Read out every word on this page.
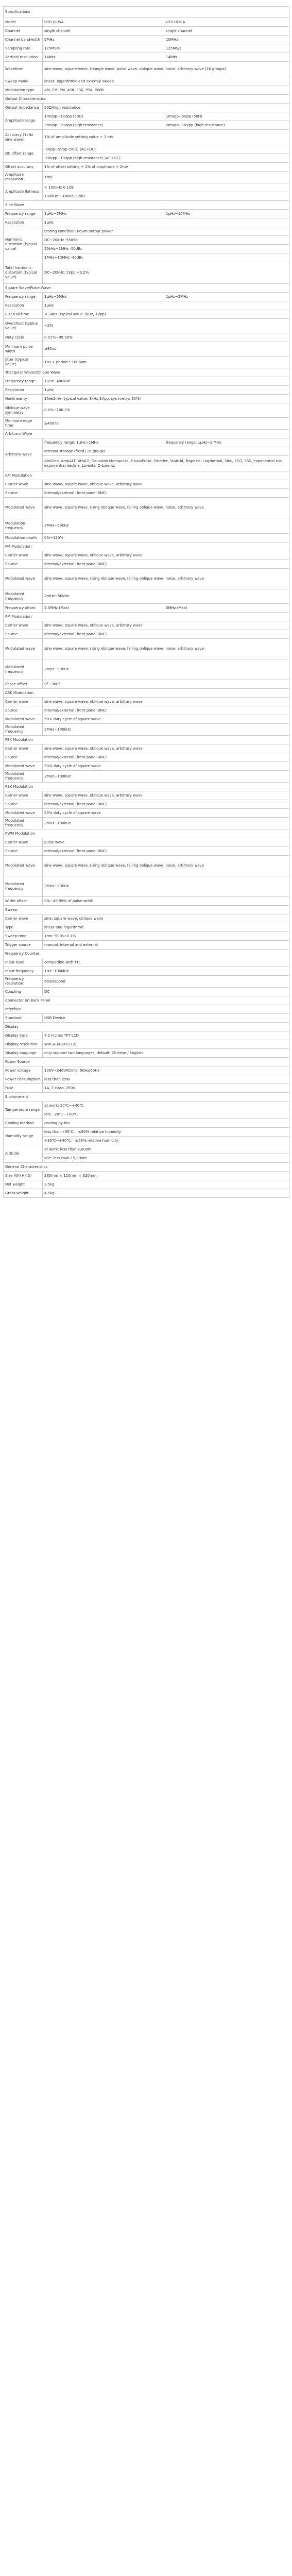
Specifications		
Model	UTG1005A	UTG1010A
Channel	single channel	single channel
Channel bandwidth	5MHz	10MHz
Sampling rate	125MS/s	125MS/s
Vertical resolution	14bits	14bits
Waveform	sine wave, square wave, triangle wave, pulse wave, oblique wave, noise, arbitrary wave (16 groups)	
Sweep mode	linear, logarithmic and external sweep	
Modulation type	AM, FM, PM, ASK, FSK, PSK, PWM	
Output Characteristics		
Output impedance	50Ω/high resistance	
Amplitude range	1mVpp~10Vpp (50Ω)	1mVpp~5Vpp (50Ω)
	2mVpp~20Vpp (high resistance)	2mVpp~10Vpp (high resistance)
Accuracy (1kHz sine wave)	1% of amplitude setting value + 1 mV	
DC offset range	-5Vpp~5Vpp (50Ω) (AC+DC)	
	-10Vpp~10Vpp (high resistance) (AC+DC)	
Offset accuracy	1% of offset setting + 1% of amplitude + 2mV	
Amplitude resolution	1mV	
Amplitude flatness	< 100kHz 0.1dB	
	100kHz~10MHz 0.2dB	
Sine Wave		
Frequency range	1μHz~5MHz	1μHz~10MHz
Resolution	1μHz	
Harmonic distortion (typical value)	testing condition: 0dBm output power	
	DC~20kHz -55dBc	
	20kHz~1MHz -50dBc	
	1MHz~10MHz -40dBc	
Total harmonic distortion (typical value)	DC~20kHz, 1Vpp <0.2%	
Square Wave/Pulse Wave		
Frequency range	1μHz~5MHz	1μHz~5MHz
Resolution	1μHz	
Rise/Fall time	< 24ns (typical value 1kHz, 1Vpp)	
Overshoot (typical value)	<2%	
Duty cycle	0.01%~99.99%	
Minimum pulse width	≥80ns	
Jitter (typical value)	1ns + period * 100ppm	
Triangular Wave/Oblique Wave		
Frequency range	1μHz~400kHz	
Resolution	1μHz	
Nonlinearity	1%±2mV (typical value: 1kHz,1Vpp, symmetry: 50%)	
Oblique wave symmetry	0.0%~100.0%	
Minimum edge time	≥400ns	
Arbitrary Wave		
Arbitrary wave	frequency range: 1μHz~1MHz	frequency range: 1μHz~2 MHz
	internal storage (fixed) 16 groups	
	AbsSine, AmpALT, AttALT, Gaussian Monopulse, GaussPulse, Sinetier, StairUd, Trapezia, LogNormal, Sinc, ECG, SSS, exponential rise, exponential decline, Lorentz, D-Lorentz	
AM Modulation		
Carrier wave	sine wave, square wave, oblique wave, arbitrary wave	
Source	internal/external (front panel BNC)	
Modulated wave	sine wave, square wave, rising oblique wave, falling oblique wave, noise, arbitrary wave	
Modulation frequency	2MHz~50kHz	
Modulation depth	0%~120%	
FM Modulation		
Carrier wave	sine wave, square wave, oblique wave, arbitrary wave	
Source	internal/external (front panel BNC)	
Modulated wave	sine wave, square wave, rising oblique wave, falling oblique wave, noise, arbitrary wave	
Modulated frequency	2mHz~50kHz	
Frequency offset	2.5MHz (Max)	5MHz (Max)
PM Modulation		
Carrier wave	sine wave, square wave, oblique wave, arbitrary wave	
Source	internal/external (front panel BNC)	
Modulated wave	sine wave, square wave, rising oblique wave, falling oblique wave, noise, arbitrary wave	
Modulated frequency	2MHz~50kHz	
Phase offset	0°~360°	
ASK Modulation		
Carrier wave	sine wave, square wave, oblique wave, arbitrary wave	
Source	internal/external (front panel BNC)	
Modulated wave	50% duty cycle of square wave	
Modulated frequency	2MHz~100kHz	
FSK Modulation		
Carrier wave	sine wave, square wave, oblique wave, arbitrary wave	
Source	internal/external (front panel BNC)	
Modulated wave	50% duty cycle of square wave	
Modulated frequency	2MHz~100kHz	
PSK Modulation		
Carrier wave	sine wave, square wave, oblique wave, arbitrary wave	
Source	internal/external (front panel BNC)	
Modulated wave	50% duty cycle of square wave	
Modulated frequency	2MHz~100kHz	
PWM Modulation		
Carrier wave	pulse wave	
Source	internal/external (front panel BNC)	
Modulated wave	sine wave, square wave, rising oblique wave, falling oblique wave, noise, arbitrary wave	
Modulated frequency	2MHz~20kHz	
Width offset	0%~49.99% of pulse width	
Sweep		
Carrier wave	sine, square wave, oblique wave	
Type	linear and logarithmic	
Sweep time	1ms~500s±0.1%	
Trigger source	manual, internal and external	
Frequency Counter		
Input level	compatible with TTL	
Input frequency	1Hz~100MHz	
Frequency resolution	6bit/second	
Coupling	DC	
Connector on Back Panel		
Interface		
Standard	USB Device	
Display		
Display type	4.3 inches TFT LCD	
Display resolution	WVGA (480×272)	
Display language	only support two languages, default: Chinese / English	
Power Source		
Power voltage	100V~240VACrms; 50Hz/60Hz	
Power consumption	less than 25W	
Fuse	1A, T class, 250V	
Environment		
Temperature range	at work: 10℃~+40℃	
	idle: -20℃~+60℃	
Cooling method	cooling by fan	
Humidity range	less than +35℃： ≤90% relative humidity	
	+35℃~+40℃： ≤60% relative humidity	
Altitude	at work: less than 2,000m	
	idle: less than 15,000m	
General Characteristics		
Size (W×H×D)	285mm × 110mm × 320mm	
Net weight	3.5kg	
Gross weight	4.5kg	
